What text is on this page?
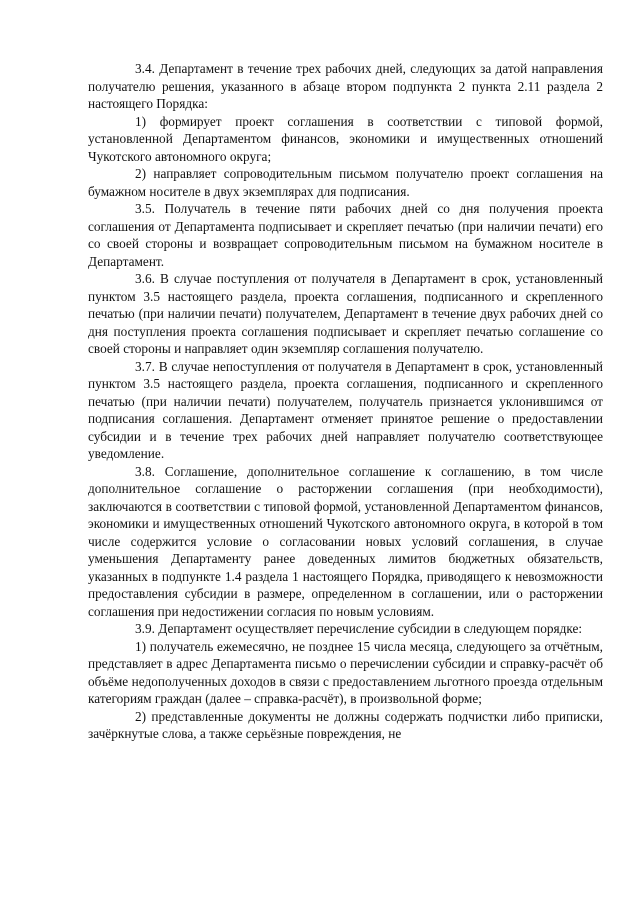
3.4. Департамент в течение трех рабочих дней, следующих за датой направления получателю решения, указанного в абзаце втором подпункта 2 пункта 2.11 раздела 2 настоящего Порядка:

1) формирует проект соглашения в соответствии с типовой формой, установленной Департаментом финансов, экономики и имущественных отношений Чукотского автономного округа;

2) направляет сопроводительным письмом получателю проект соглашения на бумажном носителе в двух экземплярах для подписания.

3.5. Получатель в течение пяти рабочих дней со дня получения проекта соглашения от Департамента подписывает и скрепляет печатью (при наличии печати) его со своей стороны и возвращает сопроводительным письмом на бумажном носителе в Департамент.

3.6. В случае поступления от получателя в Департамент в срок, установленный пунктом 3.5 настоящего раздела, проекта соглашения, подписанного и скрепленного печатью (при наличии печати) получателем, Департамент в течение двух рабочих дней со дня поступления проекта соглашения подписывает и скрепляет печатью соглашение со своей стороны и направляет один экземпляр соглашения получателю.

3.7. В случае непоступления от получателя в Департамент в срок, установленный пунктом 3.5 настоящего раздела, проекта соглашения, подписанного и скрепленного печатью (при наличии печати) получателем, получатель признается уклонившимся от подписания соглашения. Департамент отменяет принятое решение о предоставлении субсидии и в течение трех рабочих дней направляет получателю соответствующее уведомление.

3.8. Соглашение, дополнительное соглашение к соглашению, в том числе дополнительное соглашение о расторжении соглашения (при необходимости), заключаются в соответствии с типовой формой, установленной Департаментом финансов, экономики и имущественных отношений Чукотского автономного округа, в которой в том числе содержится условие о согласовании новых условий соглашения, в случае уменьшения Департаменту ранее доведенных лимитов бюджетных обязательств, указанных в подпункте 1.4 раздела 1 настоящего Порядка, приводящего к невозможности предоставления субсидии в размере, определенном в соглашении, или о расторжении соглашения при недостижении согласия по новым условиям.

3.9. Департамент осуществляет перечисление субсидии в следующем порядке:

1) получатель ежемесячно, не позднее 15 числа месяца, следующего за отчётным, представляет в адрес Департамента письмо о перечислении субсидии и справку-расчёт об объёме недополученных доходов в связи с предоставлением льготного проезда отдельным категориям граждан (далее – справка-расчёт), в произвольной форме;

2) представленные документы не должны содержать подчистки либо приписки, зачёркнутые слова, а также серьёзные повреждения, не
